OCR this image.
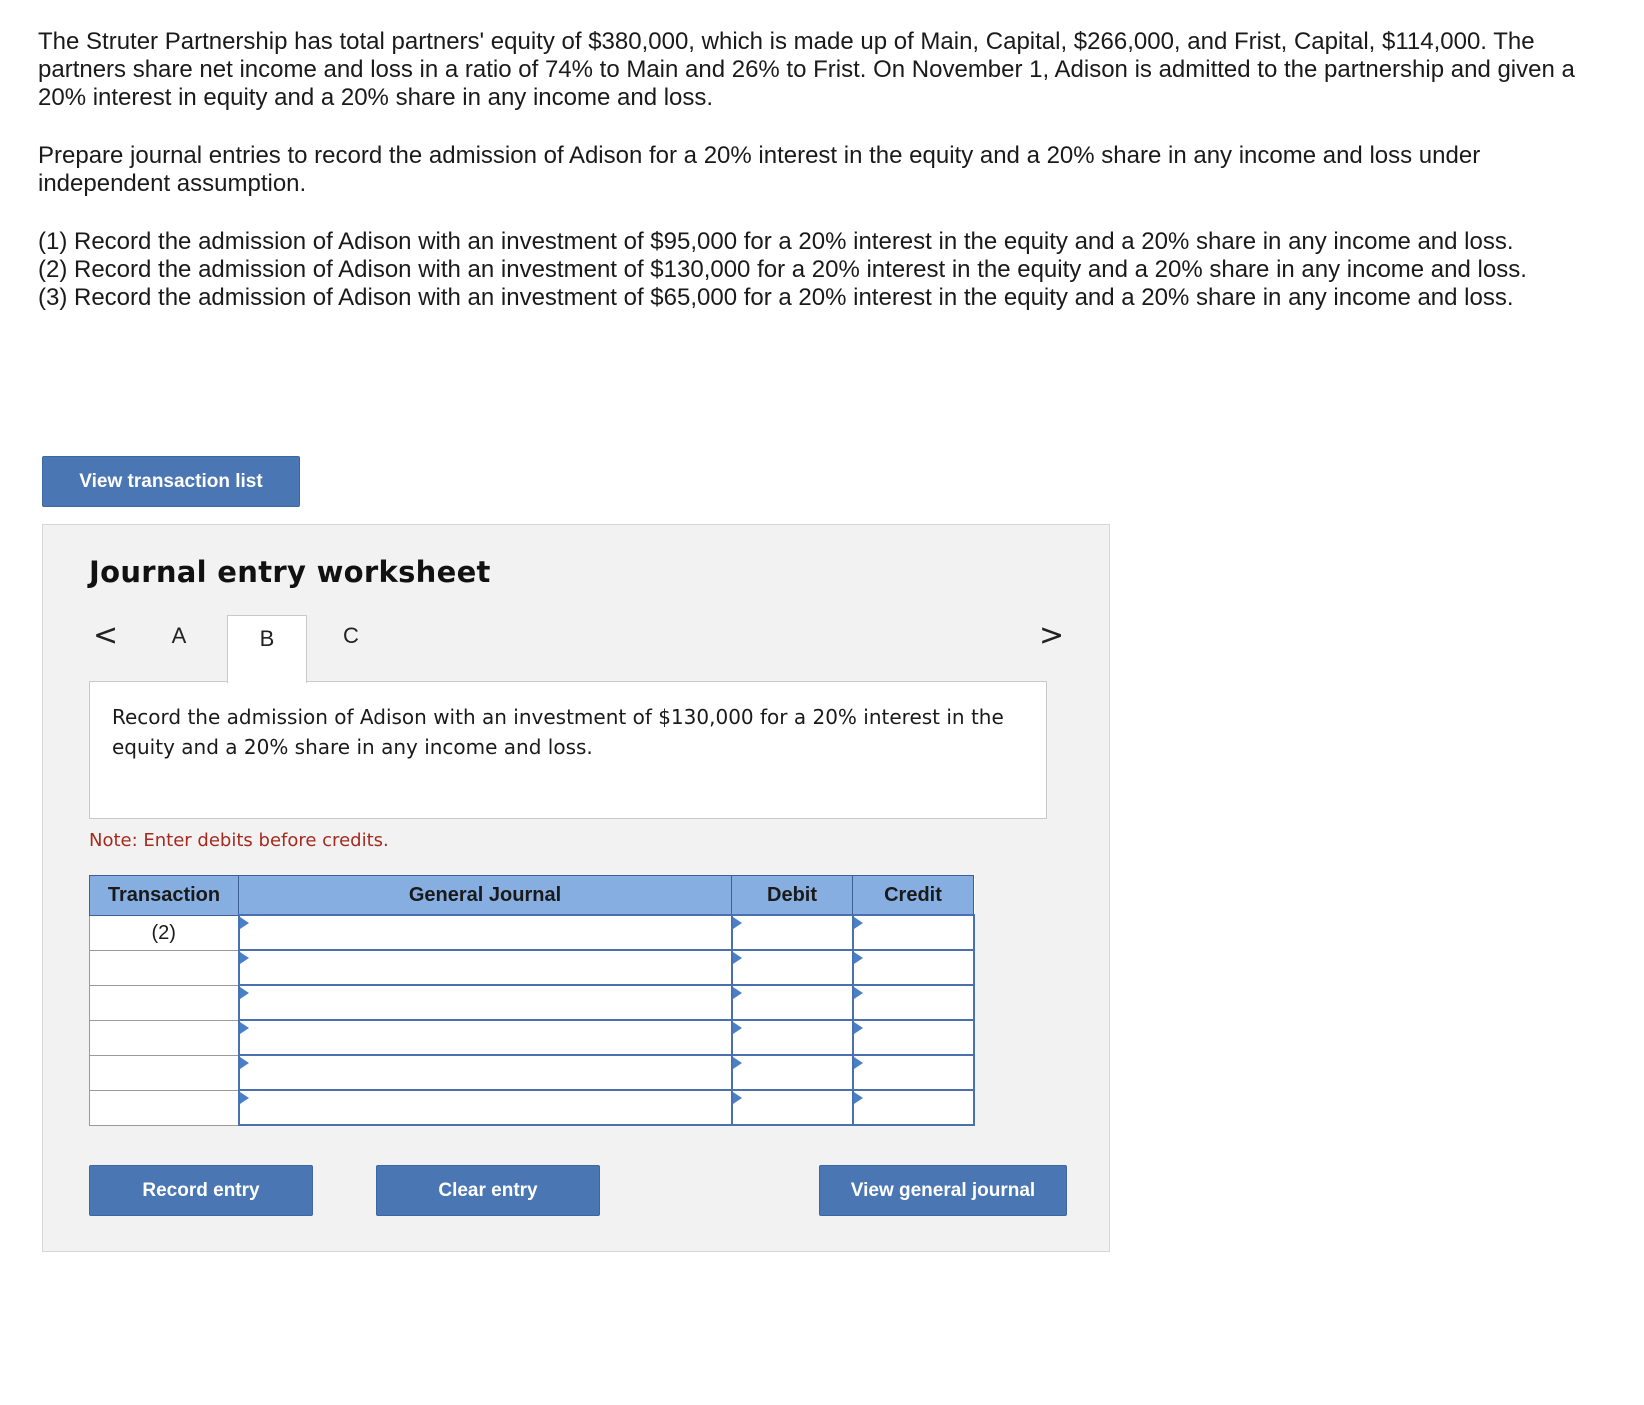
The Struter Partnership has total partners' equity of $380,000, which is made up of Main, Capital, $266,000, and Frist, Capital, $114,000. The partners share net income and loss in a ratio of 74% to Main and 26% to Frist. On November 1, Adison is admitted to the partnership and given a 20% interest in equity and a 20% share in any income and loss.

Prepare journal entries to record the admission of Adison for a 20% interest in the equity and a 20% share in any income and loss under independent assumption.

(1) Record the admission of Adison with an investment of $95,000 for a 20% interest in the equity and a 20% share in any income and loss.

(2) Record the admission of Adison with an investment of $130,000 for a 20% interest in the equity and a 20% share in any income and loss.

(3) Record the admission of Adison with an investment of $65,000 for a 20% interest in the equity and a 20% share in any income and loss.

View transaction list
Journal entry worksheet
<	A	B	C	>
Record the admission of Adison with an investment of $130,000 for a 20% interest in the equity and a 20% share in any income and loss.
Note: Enter debits before credits.
Transaction	General Journal	Debit	Credit
(2)	

Record entry	Clear entry	View general journal
